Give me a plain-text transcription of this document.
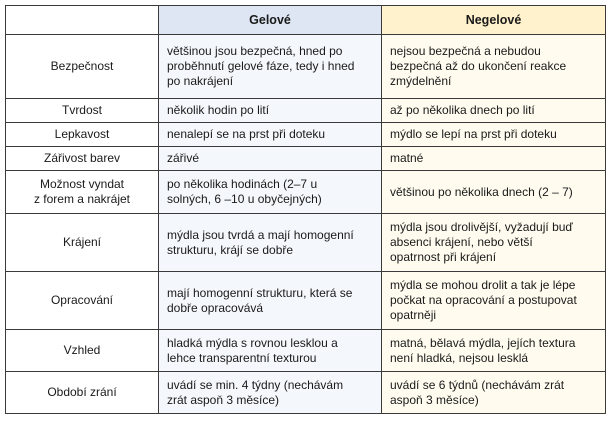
	Gelové	Negelové

Bezpečnost	většinou jsou bezpečná, hned po
proběhnutí gelové fáze, tedy i hned
po nakrájení	nejsou bezpečná a nebudou
bezpečná až do ukončení reakce
zmýdelnění

Tvrdost	několik hodin po lití	až po několika dnech po lití

Lepkavost	nenalepí se na prst při doteku	mýdlo se lepí na prst při doteku

Zářivost barev	zářivé	matné

Možnost vyndat
z forem a nakrájet	po několika hodinách (2–7 u
solných, 6 –10 u obyčejných)	většinou po několika dnech (2 – 7)

Krájení	mýdla jsou tvrdá a mají homogenní
strukturu, krájí se dobře	mýdla jsou drolivější, vyžadují buď
absenci krájení, nebo větší
opatrnost při krájení

Opracování	mají homogenní strukturu, která se
dobře opracovává	mýdla se mohou drolit a tak je lépe
počkat na opracování a postupovat
opatrněji

Vzhled	hladká mýdla s rovnou lesklou a
lehce transparentní texturou	matná, bělavá mýdla, jejích textura
není hladká, nejsou lesklá

Období zrání	uvádí se min. 4 týdny (nechávám
zrát aspoň 3 měsíce)	uvádí se 6 týdnů (nechávám zrát
aspoň 3 měsíce)
